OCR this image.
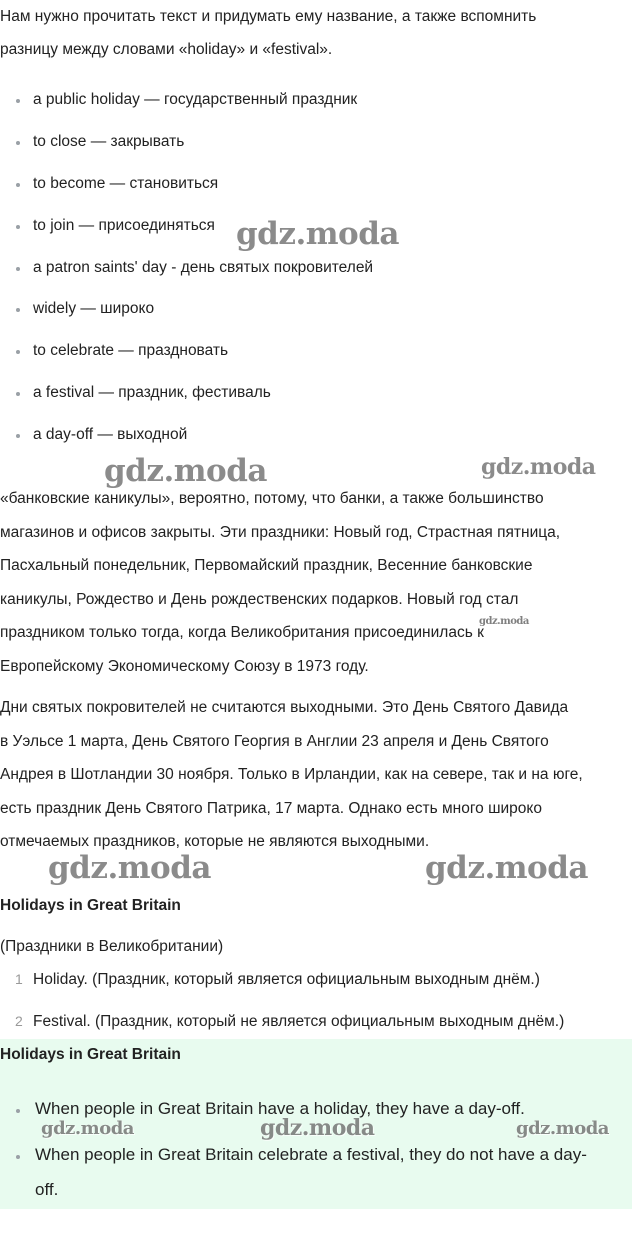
Нам нужно прочитать текст и придумать ему название, а также вспомнить
разницу между словами «holiday» и «festival».
a public holiday — государственный праздник
to close — закрывать
to become — становиться
to join — присоединяться
a patron saints' day - день святых покровителей
widely — широко
to celebrate — праздновать
a festival — праздник, фестиваль
a day-off — выходной
«банковские каникулы», вероятно, потому, что банки, а также большинство
магазинов и офисов закрыты. Эти праздники: Новый год, Страстная пятница,
Пасхальный понедельник, Первомайский праздник, Весенние банковские
каникулы, Рождество и День рождественских подарков. Новый год стал
праздником только тогда, когда Великобритания присоединилась к
Европейскому Экономическому Союзу в 1973 году.
Дни святых покровителей не считаются выходными. Это День Святого Давида
в Уэльсе 1 марта, День Святого Георгия в Англии 23 апреля и День Святого
Андрея в Шотландии 30 ноября. Только в Ирландии, как на севере, так и на юге,
есть праздник День Святого Патрика, 17 марта. Однако есть много широко
отмечаемых праздников, которые не являются выходными.
Holidays in Great Britain
(Праздники в Великобритании)
1 Holiday. (Праздник, который является официальным выходным днём.)
2 Festival. (Праздник, который не является официальным выходным днём.)
Holidays in Great Britain
When people in Great Britain have a holiday, they have a day-off.
When people in Great Britain celebrate a festival, they do not have a day-
off.
gdz.moda
gdz.moda	gdz.moda
gdz.moda
gdz.moda	gdz.moda
gdz.moda	gdz.moda	gdz.moda
